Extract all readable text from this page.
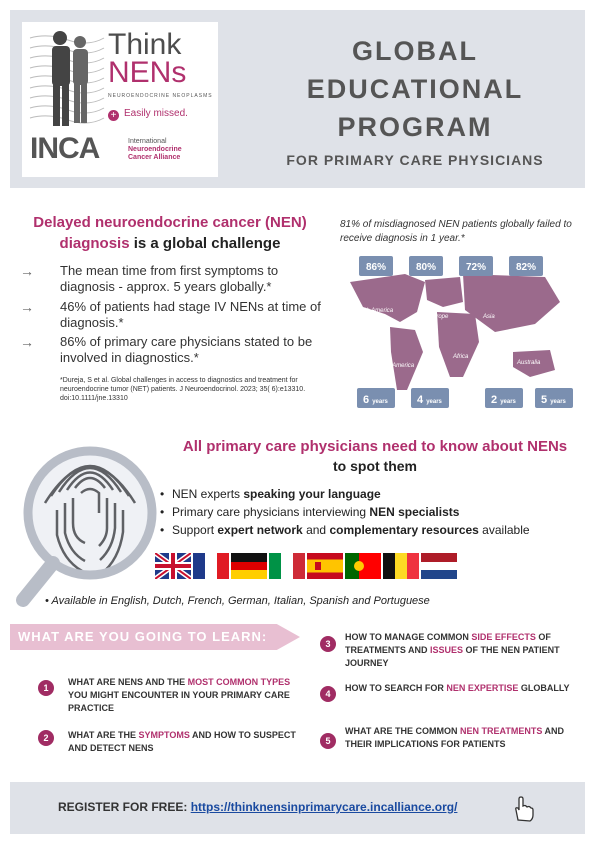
Think
NENs
NEUROENDOCRINE NEOPLASMS
+ Easily missed.
INCA	International
Neuroendocrine
Cancer Alliance
GLOBAL
EDUCATIONAL
PROGRAM
FOR PRIMARY CARE PHYSICIANS
Delayed neuroendocrine cancer (NEN)
diagnosis is a global challenge
→ The mean time from first symptoms to diagnosis - approx. 5 years globally.*
→ 46% of patients had stage IV NENs at time of diagnosis.*
→ 86% of primary care physicians stated to be involved in diagnostics.*
*Dureja, S et al. Global challenges in access to diagnostics and treatment for neuroendocrine tumor (NET) patients. J Neuroendocrinol. 2023; 35( 6):e13310. doi:10.1111/jne.13310
81% of misdiagnosed NEN patients globally failed to receive diagnosis in 1 year.*
86%	80%	72%	82%
North America
Europe	Asia
Africa
South America	Australia
6 years	4 years	2 years 5 years
All primary care physicians need to know about NENs
to spot them
• NEN experts speaking your language
• Primary care physicians interviewing NEN specialists
• Support expert network and complementary resources available
• Available in English, Dutch, French, German, Italian, Spanish and Portuguese
WHAT ARE YOU GOING TO LEARN:
1
WHAT ARE NENS AND THE MOST COMMON TYPES YOU MIGHT ENCOUNTER IN YOUR PRIMARY CARE PRACTICE
2	WHAT ARE THE SYMPTOMS AND HOW TO SUSPECT AND DETECT NENS
3
HOW TO MANAGE COMMON SIDE EFFECTS OF TREATMENTS AND ISSUES OF THE NEN PATIENT JOURNEY
4
HOW TO SEARCH FOR NEN EXPERTISE GLOBALLY
5
WHAT ARE THE COMMON NEN TREATMENTS AND THEIR IMPLICATIONS FOR PATIENTS
REGISTER FOR FREE: https://thinknensinprimarycare.incalliance.org/
